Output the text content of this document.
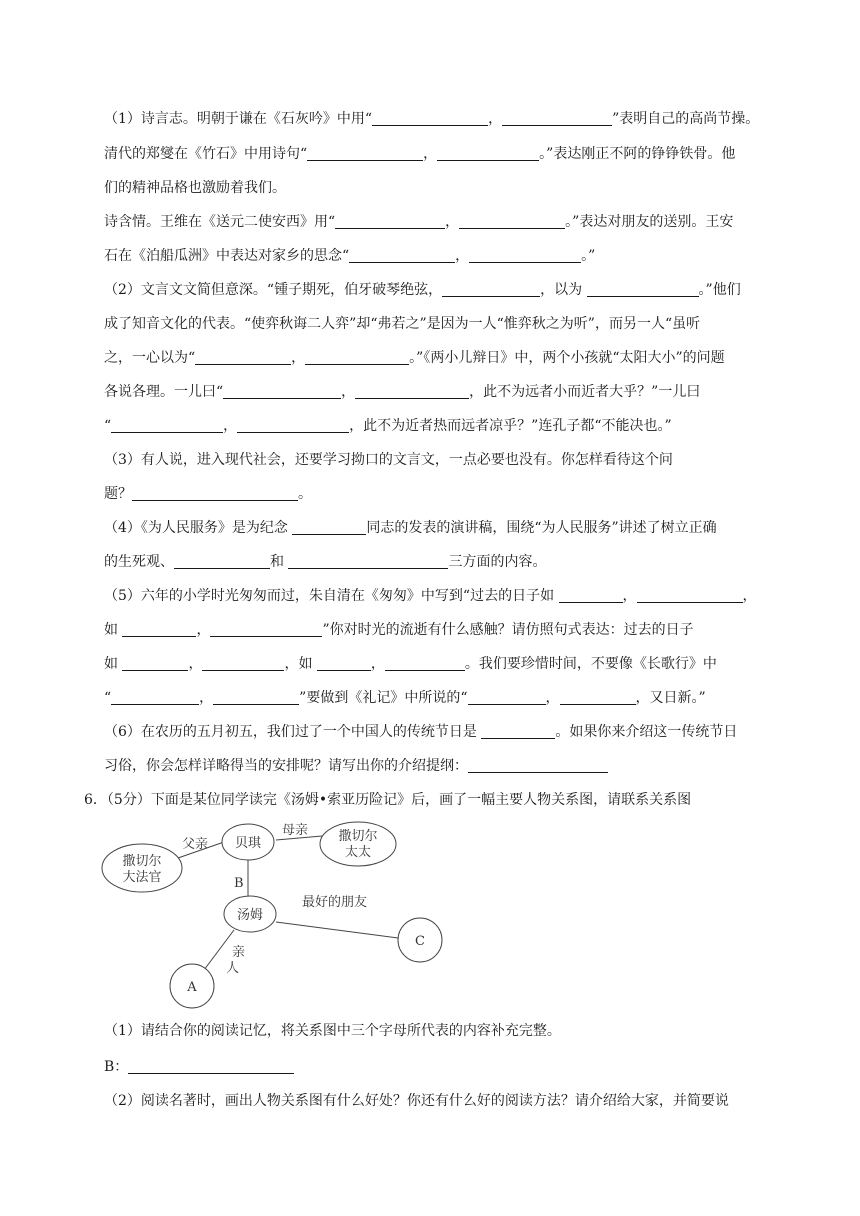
（1）诗言志。明朝于谦在《石灰吟》中用“	，	”表明自己的高尚节操。
清代的郑燮在《竹石》中用诗句“	，	。”表达刚正不阿的铮铮铁骨。他
们的精神品格也激励着我们。
诗含情。王维在《送元二使安西》用“	，	。”表达对朋友的送别。王安
石在《泊船瓜洲》中表达对家乡的思念“	，	。”
（2）文言文文简但意深。“锺子期死，伯牙破琴绝弦，	，以为	。”他们
成了知音文化的代表。“使弈秋诲二人弈”却“弗若之”是因为一人“惟弈秋之为听”，而另一人“虽听
之，一心以为“	，	。”《两小儿辩日》中，两个小孩就“太阳大小”的问题
各说各理。一儿曰“	，	，此不为远者小而近者大乎？”一儿曰
“	，	，此不为近者热而远者凉乎？”连孔子都“不能决也。”
（3）有人说，进入现代社会，还要学习拗口的文言文，一点必要也没有。你怎样看待这个问
题？	。
（4）《为人民服务》是为纪念	同志的发表的演讲稿，围绕“为人民服务”讲述了树立正确
的生死观、	和	三方面的内容。
（5）六年的小学时光匆匆而过，朱自清在《匆匆》中写到“过去的日子如	，	，
如	，	”你对时光的流逝有什么感触？请仿照句式表达：过去的日子
如	，	，如	，	。我们要珍惜时间，不要像《长歌行》中
“	，	”要做到《礼记》中所说的“	，	，又日新。”
（6）在农历的五月初五，我们过了一个中国人的传统节日是	。如果你来介绍这一传统节日
习俗，你会怎样详略得当的安排呢？请写出你的介绍提纲：
6．（5分）下面是某位同学读完《汤姆•索亚历险记》后，画了一幅主要人物关系图，请联系关系图
贝琪	撒切尔
太太
撒切尔
大法官
汤姆
C
A
父亲
母亲
B
最好的朋友
亲
人
（1）请结合你的阅读记忆，将关系图中三个字母所代表的内容补充完整。
B：
（2）阅读名著时，画出人物关系图有什么好处？你还有什么好的阅读方法？请介绍给大家，并简要说
